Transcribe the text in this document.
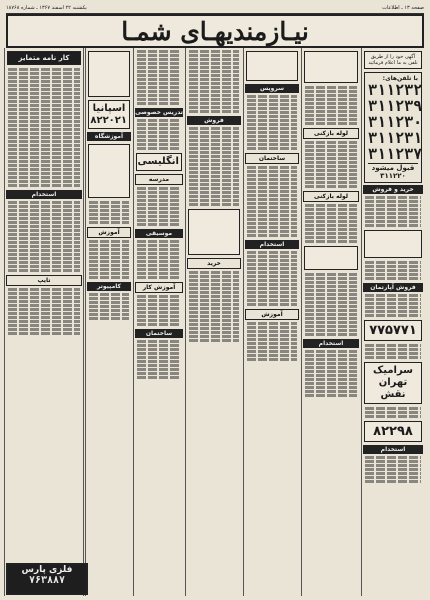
صفحه ۱۳ ـ اطلاعات
یکشنبه ۲۲ اسفند ۱۳۶۷ ـ شماره ۱۸۷۶۸
نیـازمندیهـای شمـا
آگهی خود را از طریق تلفن به ما اعلام فرمائید
با تلفن‌های:
۳۱۱۲۳۲
۳۱۱۲۳۹
۳۱۱۲۳۰
۳۱۱۲۳۱
۳۱۱۲۳۷
قبول میشود ۳۱۱۲۲۰
خرید و فروش
فروش آپارتمان
۷۷۵۷۷۱
سرامیک تهران نقش
۸۲۲۹۸
استخدام
لوله بازکنی
لوله بازکنی
استخدام
سرویس
ساختمان
استخدام
آموزش
فروش
خرید
تدریس خصوصی
انگلیسی
مدرسه
موسیقی
آموزش کار
ساختمان
اسپانیا
۸۲۲۰۲۱
آموزشگاه
آموزش
کامپیوتر
کار نامه متمایز
استخدام
تایپ
فلزی پارس
۷۶۳۸۸۷
